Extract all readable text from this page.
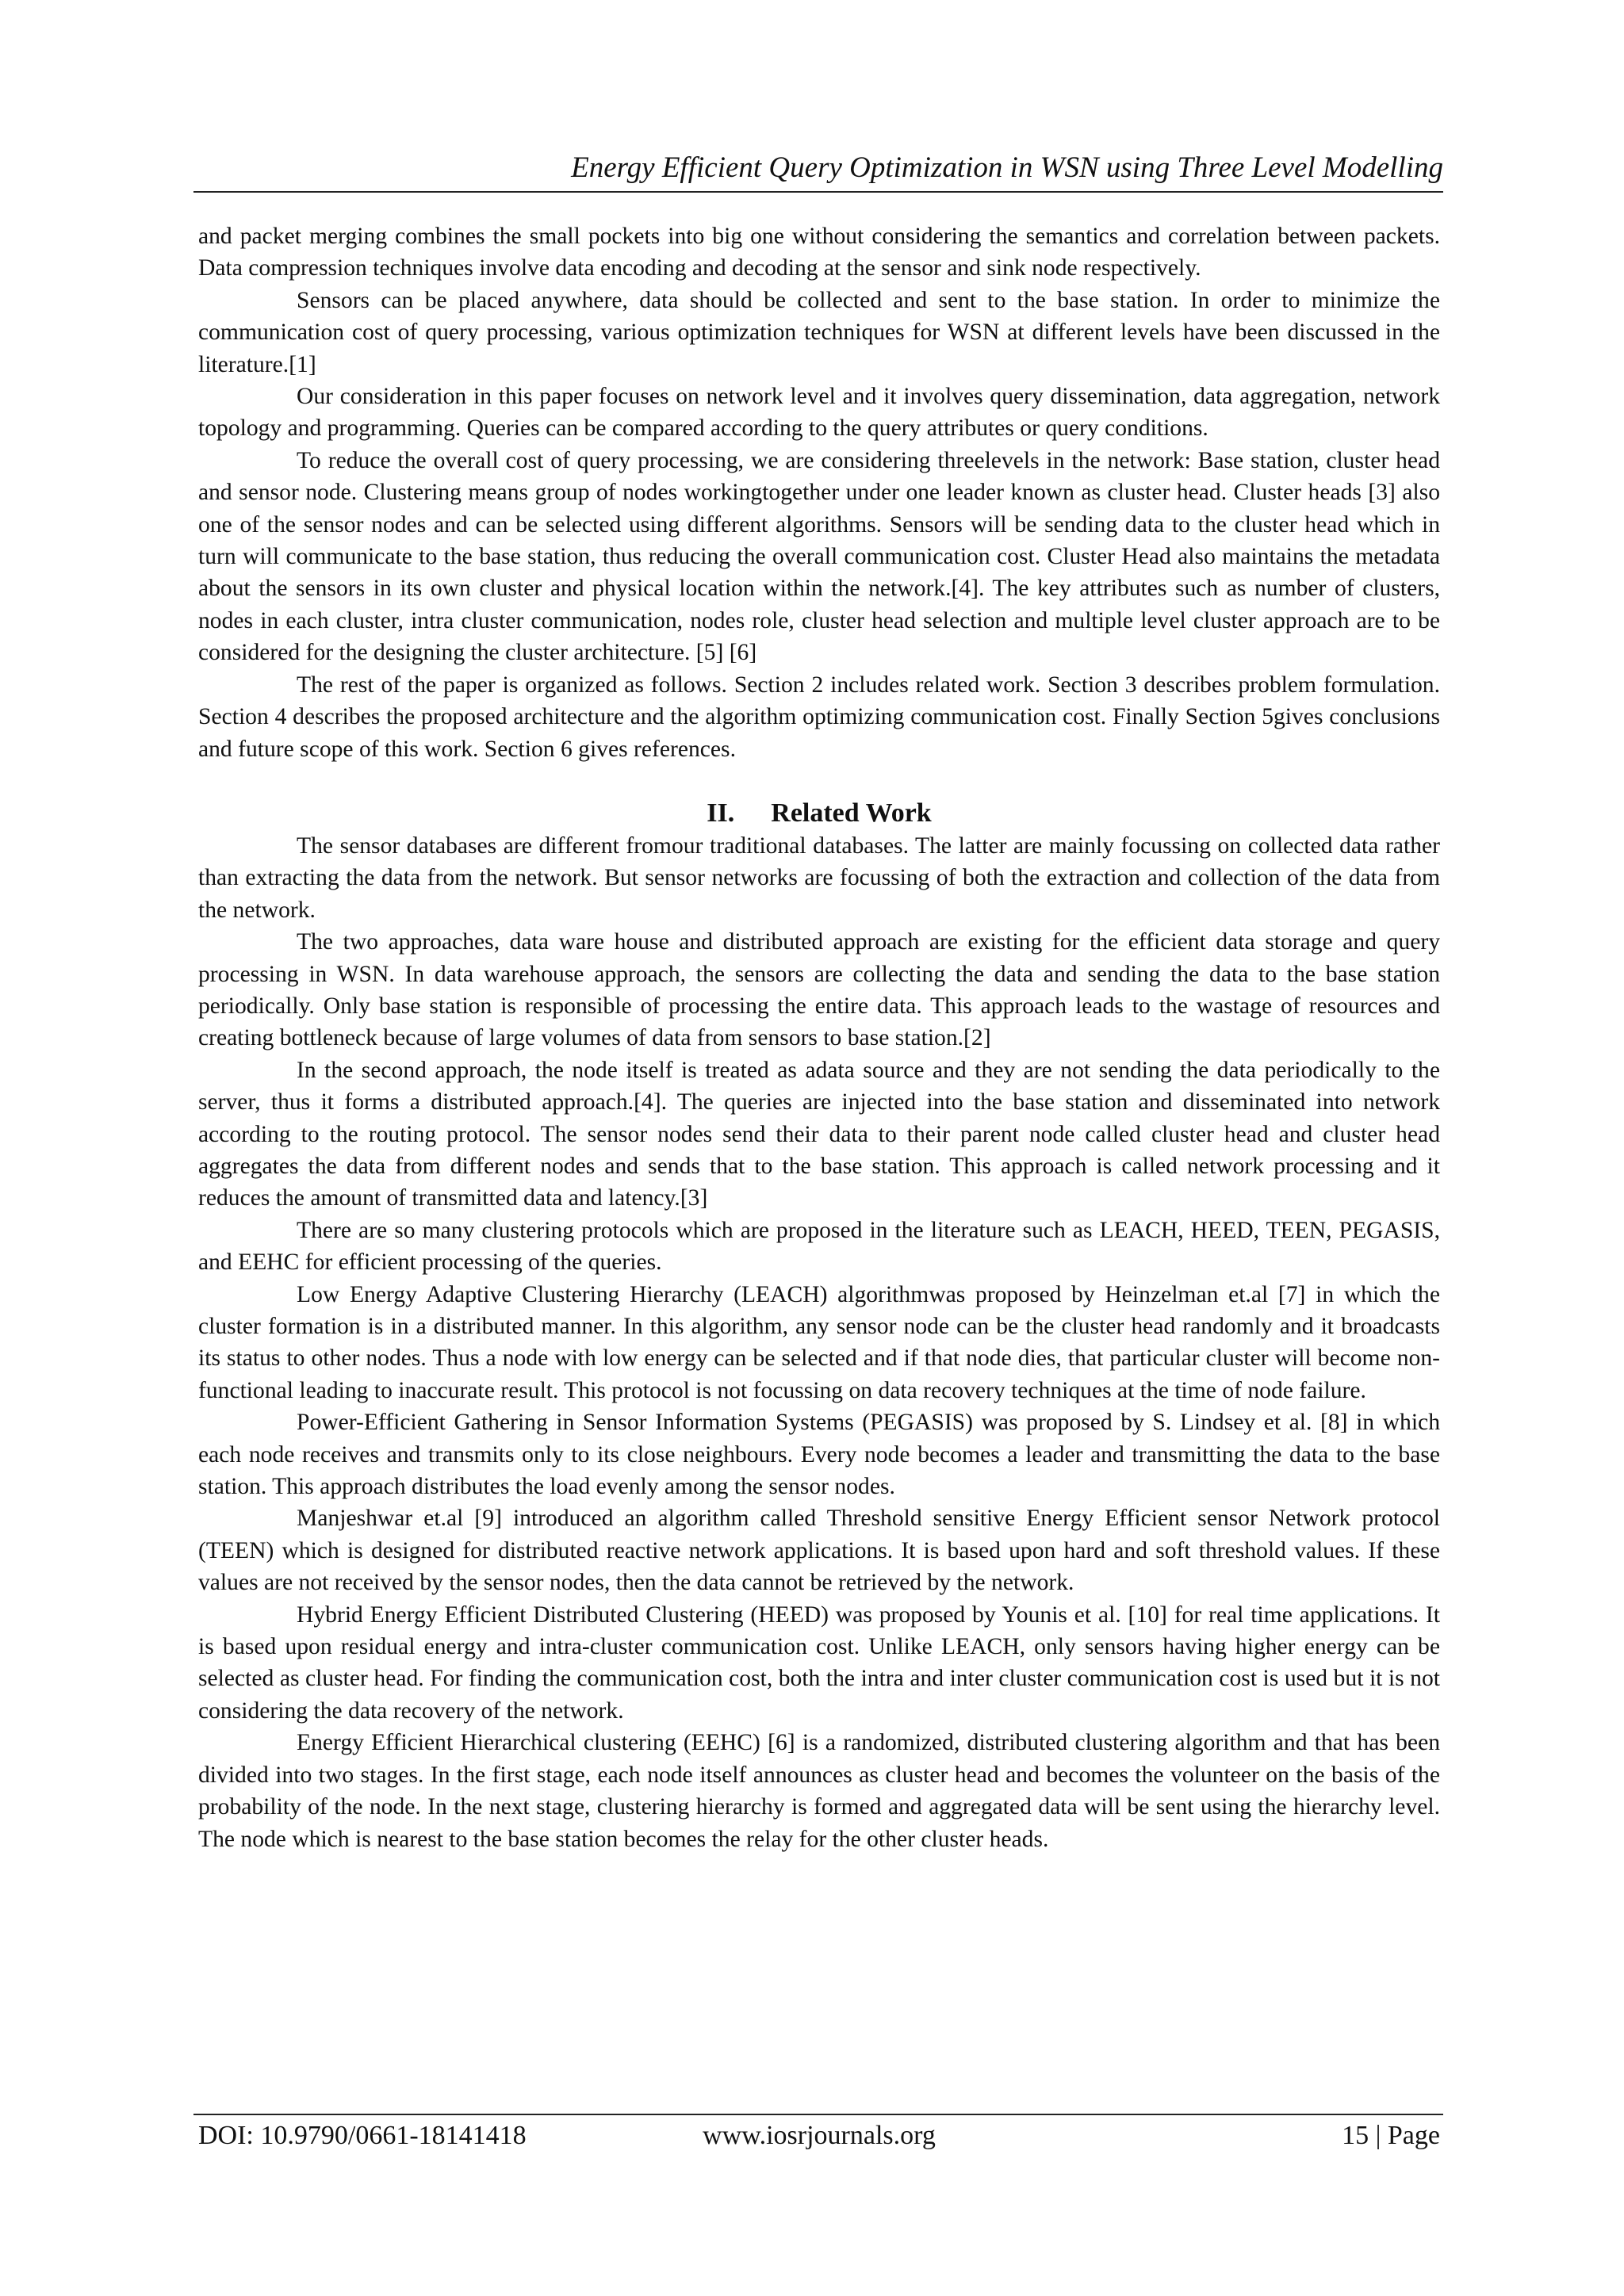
Energy Efficient Query Optimization in WSN using Three Level Modelling

and packet merging combines the small pockets into big one without considering the semantics and correlation between packets. Data compression techniques involve data encoding and decoding at the sensor and sink node respectively.

Sensors can be placed anywhere, data should be collected and sent to the base station. In order to minimize the communication cost of query processing, various optimization techniques for WSN at different levels have been discussed in the literature.[1]

Our consideration in this paper focuses on network level and it involves query dissemination, data aggregation, network topology and programming. Queries can be compared according to the query attributes or query conditions.

To reduce the overall cost of query processing, we are considering threelevels in the network: Base station, cluster head and sensor node. Clustering means group of nodes workingtogether under one leader known as cluster head. Cluster heads [3] also one of the sensor nodes and can be selected using different algorithms. Sensors will be sending data to the cluster head which in turn will communicate to the base station, thus reducing the overall communication cost. Cluster Head also maintains the metadata about the sensors in its own cluster and physical location within the network.[4]. The key attributes such as number of clusters, nodes in each cluster, intra cluster communication, nodes role, cluster head selection and multiple level cluster approach are to be considered for the designing the cluster architecture. [5] [6]

The rest of the paper is organized as follows. Section 2 includes related work. Section 3 describes problem formulation. Section 4 describes the proposed architecture and the algorithm optimizing communication cost. Finally Section 5gives conclusions and future scope of this work. Section 6 gives references.

II. Related Work

The sensor databases are different fromour traditional databases. The latter are mainly focussing on collected data rather than extracting the data from the network. But sensor networks are focussing of both the extraction and collection of the data from the network.

The two approaches, data ware house and distributed approach are existing for the efficient data storage and query processing in WSN. In data warehouse approach, the sensors are collecting the data and sending the data to the base station periodically. Only base station is responsible of processing the entire data. This approach leads to the wastage of resources and creating bottleneck because of large volumes of data from sensors to base station.[2]

In the second approach, the node itself is treated as adata source and they are not sending the data periodically to the server, thus it forms a distributed approach.[4]. The queries are injected into the base station and disseminated into network according to the routing protocol. The sensor nodes send their data to their parent node called cluster head and cluster head aggregates the data from different nodes and sends that to the base station. This approach is called network processing and it reduces the amount of transmitted data and latency.[3]

There are so many clustering protocols which are proposed in the literature such as LEACH, HEED, TEEN, PEGASIS, and EEHC for efficient processing of the queries.

Low Energy Adaptive Clustering Hierarchy (LEACH) algorithmwas proposed by Heinzelman et.al [7] in which the cluster formation is in a distributed manner. In this algorithm, any sensor node can be the cluster head randomly and it broadcasts its status to other nodes. Thus a node with low energy can be selected and if that node dies, that particular cluster will become non-functional leading to inaccurate result. This protocol is not focussing on data recovery techniques at the time of node failure.

Power-Efficient Gathering in Sensor Information Systems (PEGASIS) was proposed by S. Lindsey et al. [8] in which each node receives and transmits only to its close neighbours. Every node becomes a leader and transmitting the data to the base station. This approach distributes the load evenly among the sensor nodes.

Manjeshwar et.al [9] introduced an algorithm called Threshold sensitive Energy Efficient sensor Network protocol (TEEN) which is designed for distributed reactive network applications. It is based upon hard and soft threshold values. If these values are not received by the sensor nodes, then the data cannot be retrieved by the network.

Hybrid Energy Efficient Distributed Clustering (HEED) was proposed by Younis et al. [10] for real time applications. It is based upon residual energy and intra-cluster communication cost. Unlike LEACH, only sensors having higher energy can be selected as cluster head. For finding the communication cost, both the intra and inter cluster communication cost is used but it is not considering the data recovery of the network.

Energy Efficient Hierarchical clustering (EEHC) [6] is a randomized, distributed clustering algorithm and that has been divided into two stages. In the first stage, each node itself announces as cluster head and becomes the volunteer on the basis of the probability of the node. In the next stage, clustering hierarchy is formed and aggregated data will be sent using the hierarchy level. The node which is nearest to the base station becomes the relay for the other cluster heads.

DOI: 10.9790/0661-18141418	www.iosrjournals.org	15 | Page
